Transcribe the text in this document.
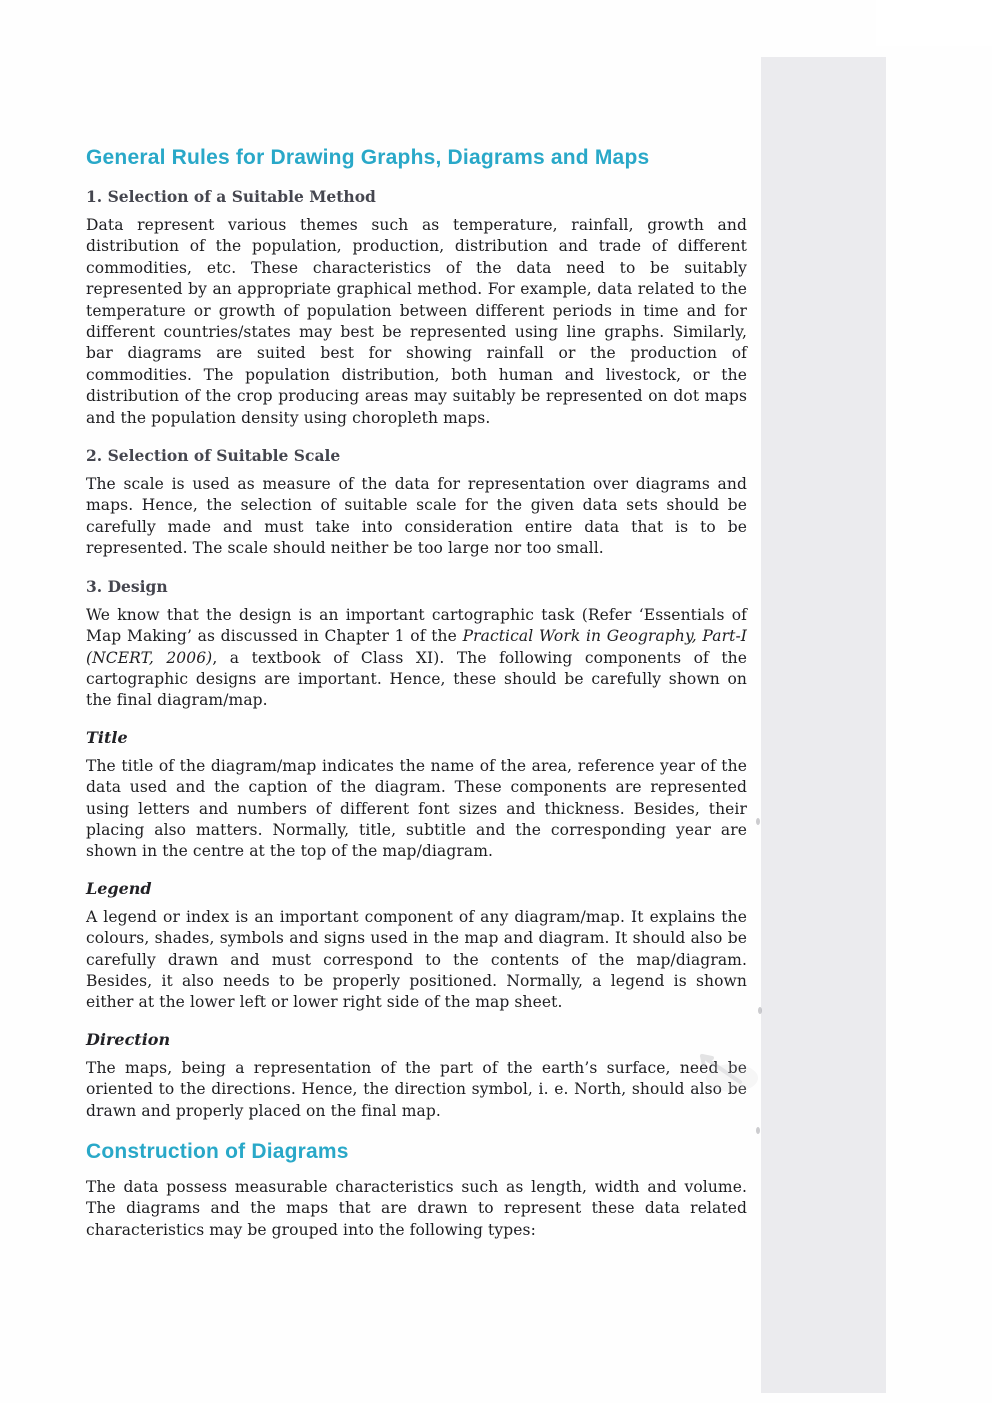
General Rules for Drawing Graphs, Diagrams and Maps
1. Selection of a Suitable Method

Data represent various themes such as temperature, rainfall, growth and distribution of the population, production, distribution and trade of different commodities, etc. These characteristics of the data need to be suitably represented by an appropriate graphical method. For example, data related to the temperature or growth of population between different periods in time and for different countries/states may best be represented using line graphs. Similarly, bar diagrams are suited best for showing rainfall or the production of commodities. The population distribution, both human and livestock, or the distribution of the crop producing areas may suitably be represented on dot maps and the population density using choropleth maps.

2. Selection of Suitable Scale

The scale is used as measure of the data for representation over diagrams and maps. Hence, the selection of suitable scale for the given data sets should be carefully made and must take into consideration entire data that is to be represented. The scale should neither be too large nor too small.

3. Design

We know that the design is an important cartographic task (Refer ‘Essentials of Map Making’ as discussed in Chapter 1 of the Practical Work in Geography, Part-I (NCERT, 2006), a textbook of Class XI). The following components of the cartographic designs are important. Hence, these should be carefully shown on the final diagram/map.

Title

The title of the diagram/map indicates the name of the area, reference year of the data used and the caption of the diagram. These components are represented using letters and numbers of different font sizes and thickness. Besides, their placing also matters. Normally, title, subtitle and the corresponding year are shown in the centre at the top of the map/diagram.

Legend

A legend or index is an important component of any diagram/map. It explains the colours, shades, symbols and signs used in the map and diagram. It should also be carefully drawn and must correspond to the contents of the map/diagram. Besides, it also needs to be properly positioned. Normally, a legend is shown either at the lower left or lower right side of the map sheet.

Direction

The maps, being a representation of the part of the earth’s surface, need be oriented to the directions. Hence, the direction symbol, i. e. North, should also be drawn and properly placed on the final map.

Construction of Diagrams

The data possess measurable characteristics such as length, width and volume. The diagrams and the maps that are drawn to represent these data related characteristics may be grouped into the following types:
